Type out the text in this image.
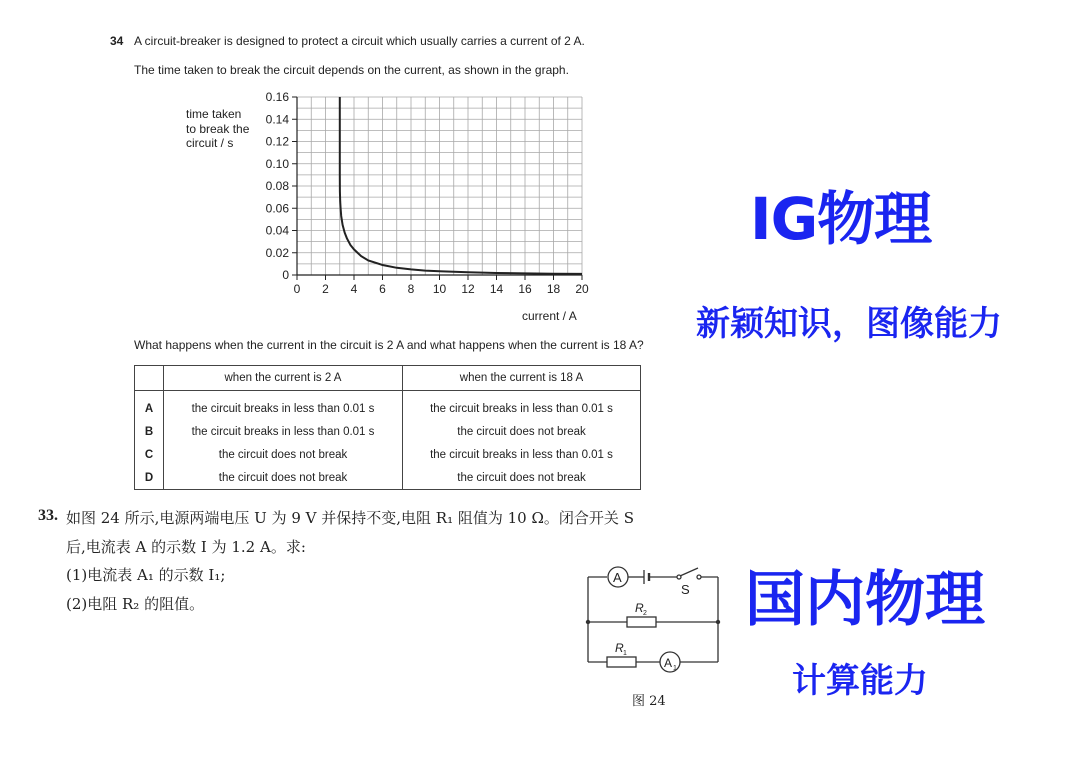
34 A circuit-breaker is designed to protect a circuit which usually carries a current of 2 A.
The time taken to break the circuit depends on the current, as shown in the graph.
time taken
to break the
circuit / s
0 2 4 6 8 10 12 14 16 18 20
0
0.02
0.04
0.06
0.08
0.10
0.12
0.14
0.16
current / A
What happens when the current in the circuit is 2 A and what happens when the current is 18 A?
	when the current is 2 A	when the current is 18 A
A	the circuit breaks in less than 0.01 s	the circuit breaks in less than 0.01 s
B	the circuit breaks in less than 0.01 s	the circuit does not break
C	the circuit does not break	the circuit breaks in less than 0.01 s
D	the circuit does not break	the circuit does not break
33. 如图 24 所示,电源两端电压 U 为 9 V 并保持不变,电阻 R₁ 阻值为 10 Ω。闭合开关 S
后,电流表 A 的示数 I 为 1.2 A。求:
(1)电流表 A₁ 的示数 I₁;
(2)电阻 R₂ 的阻值。
A
A 1
S
R 2
R 1
图 24
IG物理
新颖知识，图像能力
国内物理
计算能力
